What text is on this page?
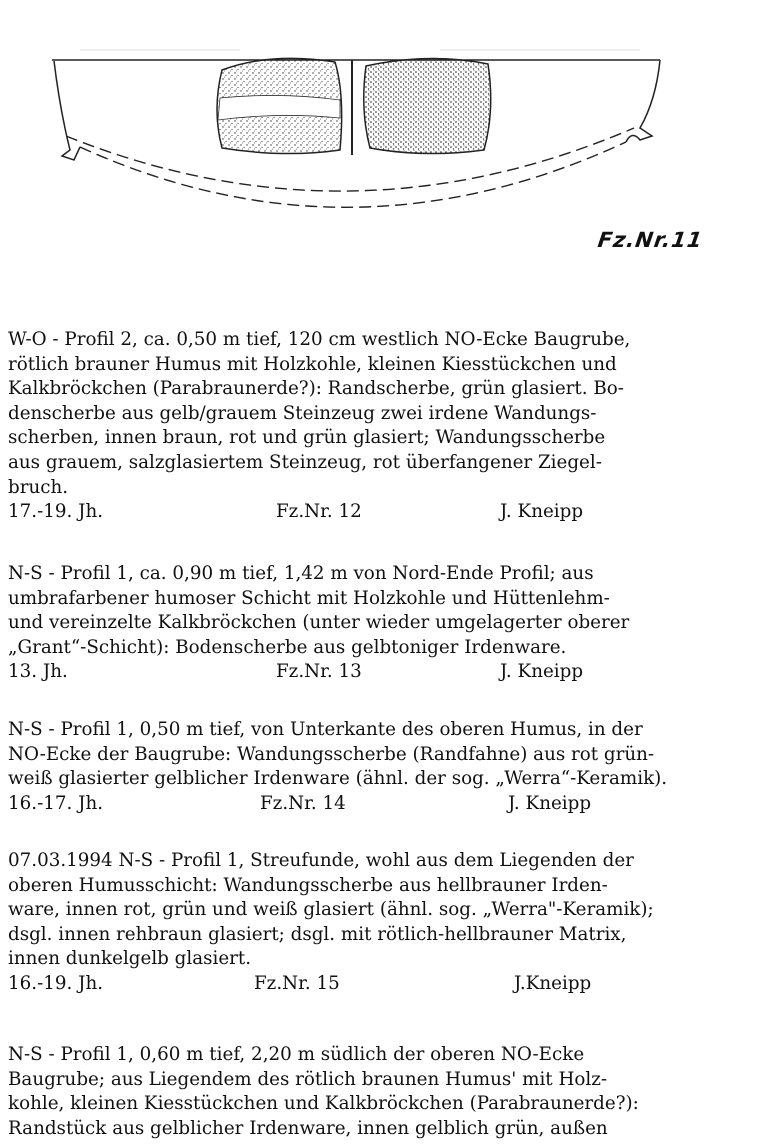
Fz.Nr.11

W-O - Profil 2, ca. 0,50 m tief, 120 cm westlich NO-Ecke Baugrube,

rötlich brauner Humus mit Holzkohle, kleinen Kiesstückchen und

Kalkbröckchen (Parabraunerde?): Randscherbe, grün glasiert. Bo-

denscherbe aus gelb/grauem Steinzeug zwei irdene Wandungs-

scherben, innen braun, rot und grün glasiert; Wandungsscherbe

aus grauem, salzglasiertem Steinzeug, rot überfangener Ziegel-

bruch.

17.-19. Jh.	Fz.Nr. 12	J. Kneipp

N-S - Profil 1, ca. 0,90 m tief, 1,42 m von Nord-Ende Profil; aus

umbrafarbener humoser Schicht mit Holzkohle und Hüttenlehm-

und vereinzelte Kalkbröckchen (unter wieder umgelagerter oberer

„Grant“-Schicht): Bodenscherbe aus gelbtoniger Irdenware.

13. Jh.	Fz.Nr. 13	J. Kneipp

N-S - Profil 1, 0,50 m tief, von Unterkante des oberen Humus, in der

NO-Ecke der Baugrube: Wandungsscherbe (Randfahne) aus rot grün-

weiß glasierter gelblicher Irdenware (ähnl. der sog. „Werra“-Keramik).

16.-17. Jh.	Fz.Nr. 14	J. Kneipp

07.03.1994 N-S - Profil 1, Streufunde, wohl aus dem Liegenden der

oberen Humusschicht: Wandungsscherbe aus hellbrauner Irden-

ware, innen rot, grün und weiß glasiert (ähnl. sog. „Werra"-Keramik);

dsgl. innen rehbraun glasiert; dsgl. mit rötlich-hellbrauner Matrix,

innen dunkelgelb glasiert.

16.-19. Jh.	Fz.Nr. 15	J.Kneipp

N-S - Profil 1, 0,60 m tief, 2,20 m südlich der oberen NO-Ecke

Baugrube; aus Liegendem des rötlich braunen Humus' mit Holz-

kohle, kleinen Kiesstückchen und Kalkbröckchen (Parabraunerde?):

Randstück aus gelblicher Irdenware, innen gelblich grün, außen
